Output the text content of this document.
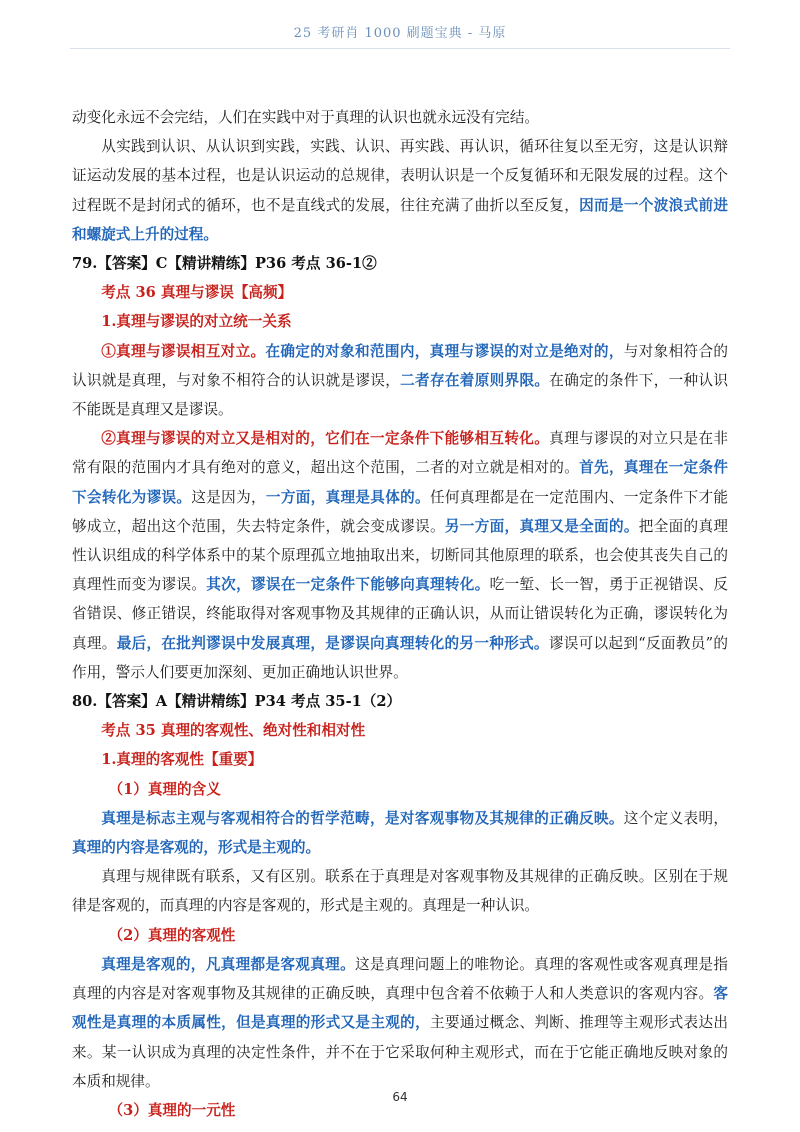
25 考研肖 1000 刷题宝典 - 马原

动变化永远不会完结，人们在实践中对于真理的认识也就永远没有完结。

从实践到认识、从认识到实践，实践、认识、再实践、再认识，循环往复以至无穷，这是认识辩证运动发展的基本过程，也是认识运动的总规律，表明认识是一个反复循环和无限发展的过程。这个过程既不是封闭式的循环，也不是直线式的发展，往往充满了曲折以至反复，因而是一个波浪式前进和螺旋式上升的过程。

79.【答案】C【精讲精练】P36 考点 36-1②

考点 36 真理与谬误【高频】

1.真理与谬误的对立统一关系

①真理与谬误相互对立。在确定的对象和范围内，真理与谬误的对立是绝对的，与对象相符合的认识就是真理，与对象不相符合的认识就是谬误，二者存在着原则界限。在确定的条件下，一种认识不能既是真理又是谬误。

②真理与谬误的对立又是相对的，它们在一定条件下能够相互转化。真理与谬误的对立只是在非常有限的范围内才具有绝对的意义，超出这个范围，二者的对立就是相对的。首先，真理在一定条件下会转化为谬误。这是因为，一方面，真理是具体的。任何真理都是在一定范围内、一定条件下才能够成立，超出这个范围，失去特定条件，就会变成谬误。另一方面，真理又是全面的。把全面的真理性认识组成的科学体系中的某个原理孤立地抽取出来，切断同其他原理的联系，也会使其丧失自己的真理性而变为谬误。其次，谬误在一定条件下能够向真理转化。吃一堑、长一智，勇于正视错误、反省错误、修正错误，终能取得对客观事物及其规律的正确认识，从而让错误转化为正确，谬误转化为真理。最后，在批判谬误中发展真理，是谬误向真理转化的另一种形式。谬误可以起到“反面教员”的作用，警示人们要更加深刻、更加正确地认识世界。

80.【答案】A【精讲精练】P34 考点 35-1（2）

考点 35 真理的客观性、绝对性和相对性

1.真理的客观性【重要】

（1）真理的含义

真理是标志主观与客观相符合的哲学范畴，是对客观事物及其规律的正确反映。这个定义表明，真理的内容是客观的，形式是主观的。

真理与规律既有联系，又有区别。联系在于真理是对客观事物及其规律的正确反映。区别在于规律是客观的，而真理的内容是客观的，形式是主观的。真理是一种认识。

（2）真理的客观性

真理是客观的，凡真理都是客观真理。这是真理问题上的唯物论。真理的客观性或客观真理是指真理的内容是对客观事物及其规律的正确反映，真理中包含着不依赖于人和人类意识的客观内容。客观性是真理的本质属性，但是真理的形式又是主观的，主要通过概念、判断、推理等主观形式表达出来。某一认识成为真理的决定性条件，并不在于它采取何种主观形式，而在于它能正确地反映对象的本质和规律。

（3）真理的一元性

64
